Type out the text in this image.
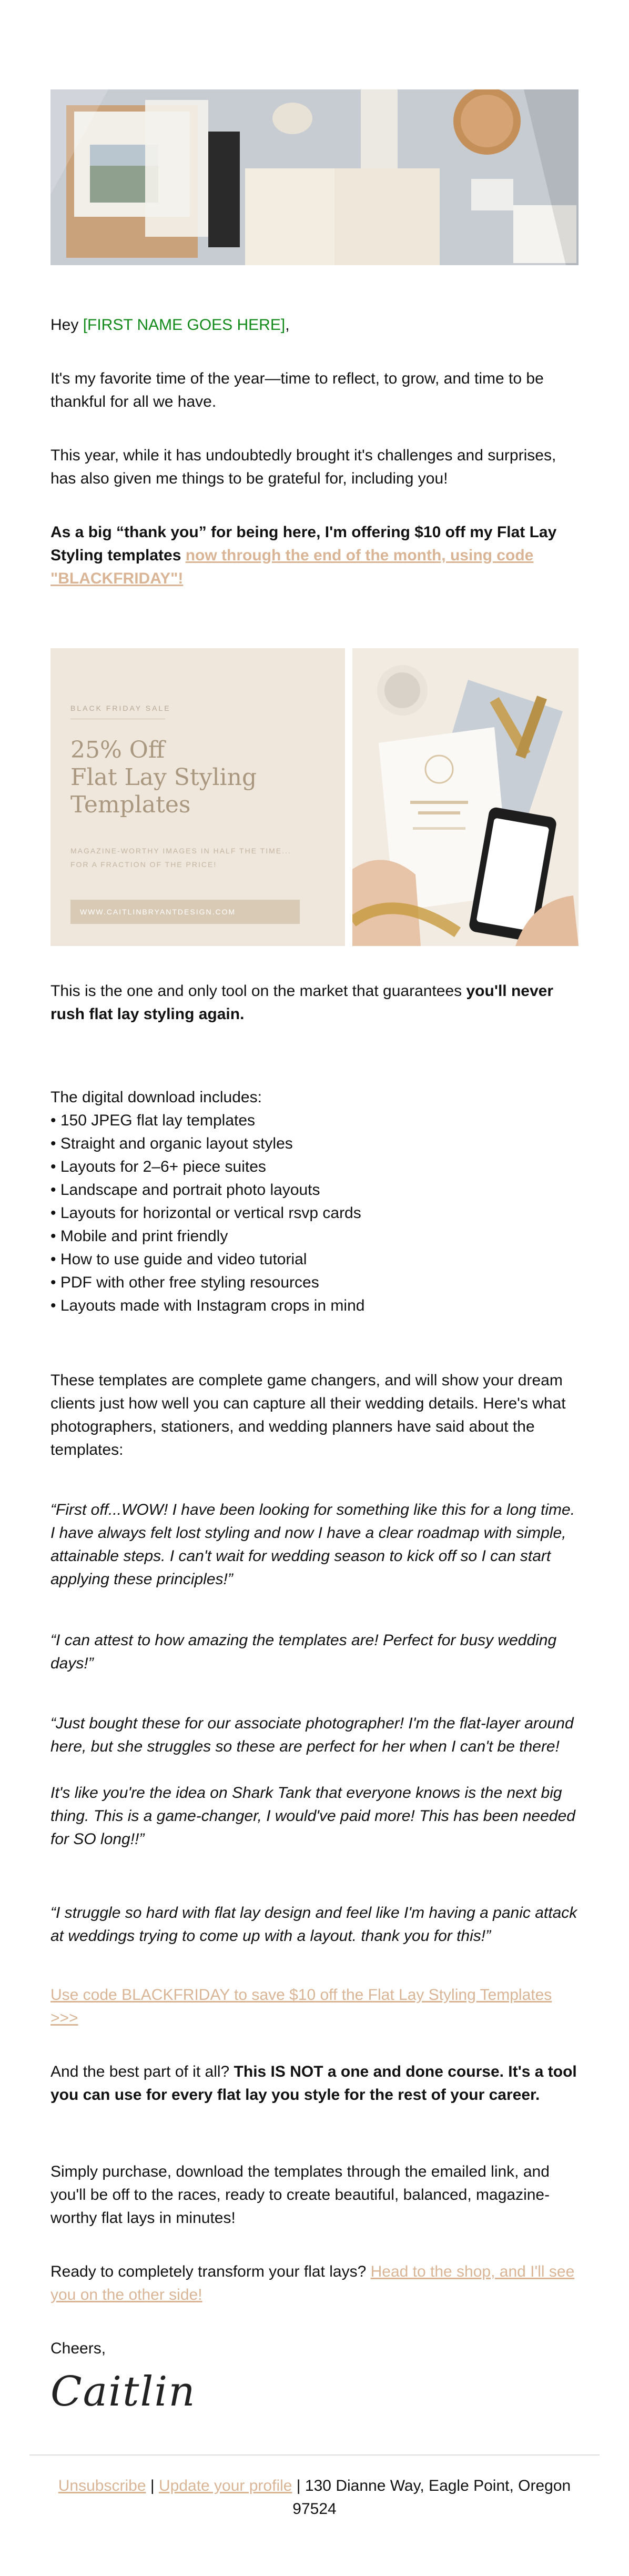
Hey [FIRST NAME GOES HERE],

It's my favorite time of the year—time to reflect, to grow, and time to be thankful for all we have.

This year, while it has undoubtedly brought it's challenges and surprises, has also given me things to be grateful for, including you!

As a big “thank you” for being here, I'm offering $10 off my Flat Lay Styling templates now through the end of the month, using code "BLACKFRIDAY"!

BLACK FRIDAY SALE
25% Off
Flat Lay Styling
Templates
MAGAZINE-WORTHY IMAGES IN HALF THE TIME...
FOR A FRACTION OF THE PRICE!
WWW.CAITLINBRYANTDESIGN.COM

This is the one and only tool on the market that guarantees you'll never rush flat lay styling again.

The digital download includes:
• 150 JPEG flat lay templates
• Straight and organic layout styles
• Layouts for 2–6+ piece suites
• Landscape and portrait photo layouts
• Layouts for horizontal or vertical rsvp cards
• Mobile and print friendly
• How to use guide and video tutorial
• PDF with other free styling resources
• Layouts made with Instagram crops in mind

These templates are complete game changers, and will show your dream clients just how well you can capture all their wedding details. Here's what photographers, stationers, and wedding planners have said about the templates:

“First off...WOW! I have been looking for something like this for a long time. I have always felt lost styling and now I have a clear roadmap with simple, attainable steps. I can't wait for wedding season to kick off so I can start applying these principles!”

“I can attest to how amazing the templates are! Perfect for busy wedding days!”

“Just bought these for our associate photographer! I'm the flat-layer around here, but she struggles so these are perfect for her when I can't be there!

It's like you're the idea on Shark Tank that everyone knows is the next big thing. This is a game-changer, I would've paid more! This has been needed for SO long!!”

“I struggle so hard with flat lay design and feel like I'm having a panic attack at weddings trying to come up with a layout. thank you for this!”

Use code BLACKFRIDAY to save $10 off the Flat Lay Styling Templates >>>

And the best part of it all? This IS NOT a one and done course. It's a tool you can use for every flat lay you style for the rest of your career.

Simply purchase, download the templates through the emailed link, and you'll be off to the races, ready to create beautiful, balanced, magazine-worthy flat lays in minutes!

Ready to completely transform your flat lays? Head to the shop, and I'll see you on the other side!

Cheers,

Caitlin
Unsubscribe | Update your profile | 130 Dianne Way, Eagle Point, Oregon 97524
